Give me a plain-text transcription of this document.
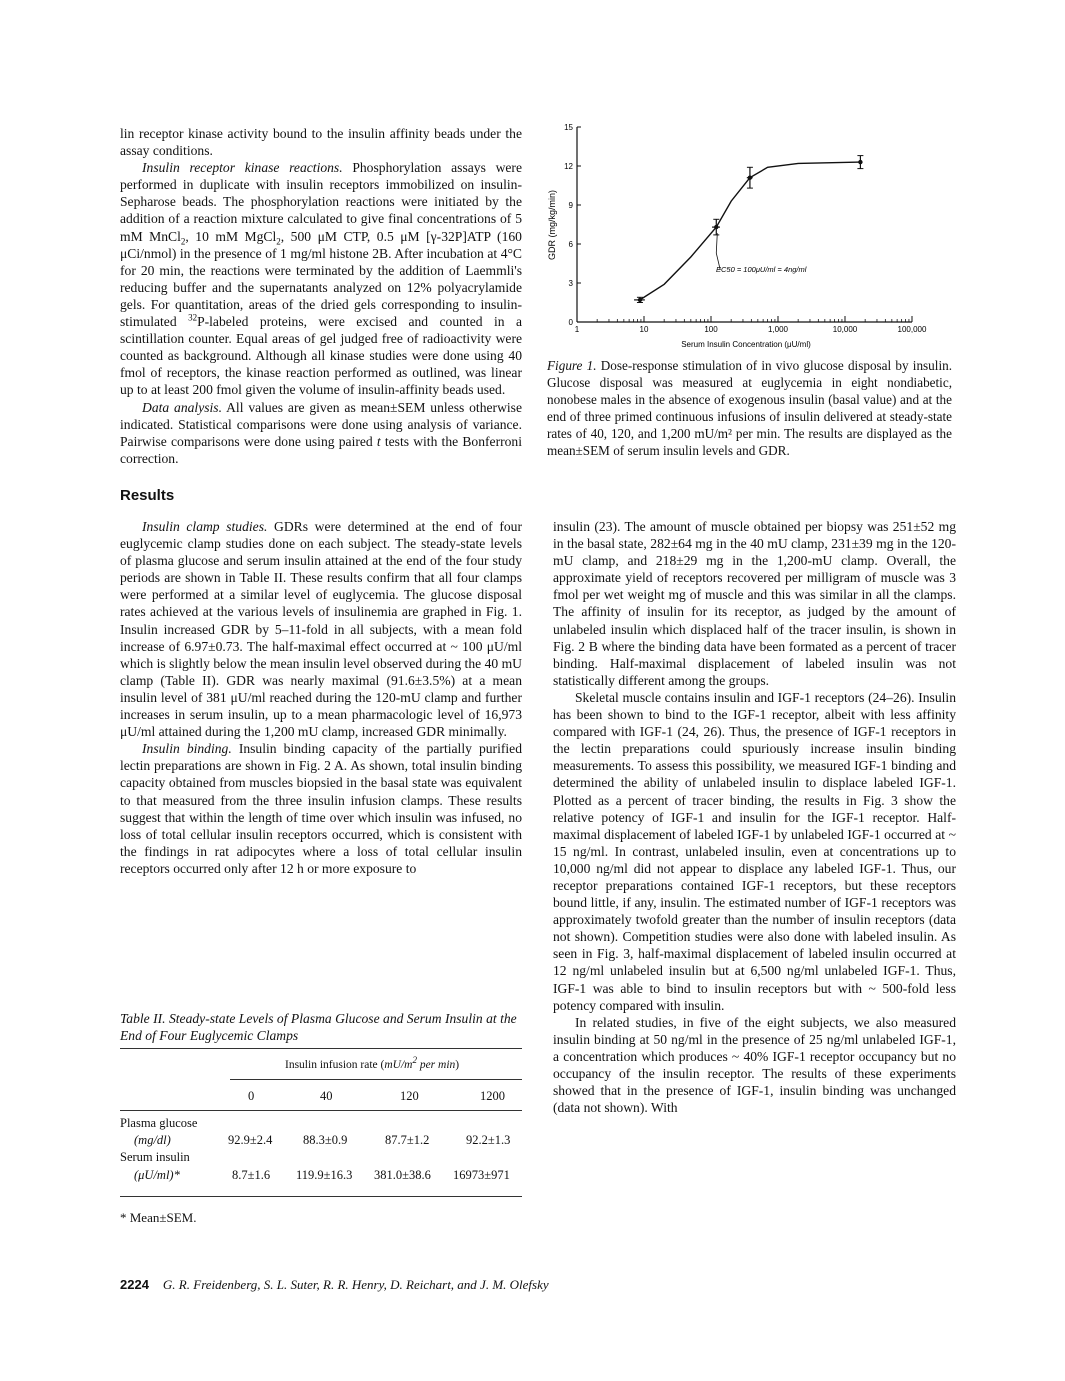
lin receptor kinase activity bound to the insulin affinity beads under the assay conditions.

Insulin receptor kinase reactions. Phosphorylation assays were performed in duplicate with insulin receptors immobilized on insulin-Sepharose beads. The phosphorylation reactions were initiated by the addition of a reaction mixture calculated to give final concentrations of 5 mM MnCl$_2$, 10 mM MgCl$_2$, 500 μM CTP, 0.5 μM [γ-32P]ATP (160 μCi/nmol) in the presence of 1 mg/ml histone 2B. After incubation at 4°C for 20 min, the reactions were terminated by the addition of Laemmli's reducing buffer and the supernatants analyzed on 12% polyacrylamide gels. For quantitation, areas of the dried gels corresponding to insulin-stimulated $^{32}$P-labeled proteins, were excised and counted in a scintillation counter. Equal areas of gel judged free of radioactivity were counted as background. Although all kinase studies were done using 40 fmol of receptors, the kinase reaction performed as outlined, was linear up to at least 200 fmol given the volume of insulin-affinity beads used.

Data analysis. All values are given as mean±SEM unless otherwise indicated. Statistical comparisons were done using analysis of variance. Pairwise comparisons were done using paired t tests with the Bonferroni correction.

Results

Insulin clamp studies. GDRs were determined at the end of four euglycemic clamp studies done on each subject. The steady-state levels of plasma glucose and serum insulin attained at the end of the four study periods are shown in Table II. These results confirm that all four clamps were performed at a similar level of euglycemia. The glucose disposal rates achieved at the various levels of insulinemia are graphed in Fig. 1. Insulin increased GDR by 5–11-fold in all subjects, with a mean fold increase of 6.97±0.73. The half-maximal effect occurred at ~ 100 μU/ml which is slightly below the mean insulin level observed during the 40 mU clamp (Table II). GDR was nearly maximal (91.6±3.5%) at a mean insulin level of 381 μU/ml reached during the 120-mU clamp and further increases in serum insulin, up to a mean pharmacologic level of 16,973 μU/ml attained during the 1,200 mU clamp, increased GDR minimally.

Insulin binding. Insulin binding capacity of the partially purified lectin preparations are shown in Fig. 2 A. As shown, total insulin binding capacity obtained from muscles biopsied in the basal state was equivalent to that measured from the three insulin infusion clamps. These results suggest that within the length of time over which insulin was infused, no loss of total cellular insulin receptors occurred, which is consistent with the findings in rat adipocytes where a loss of total cellular insulin receptors occurred only after 12 h or more exposure to

Table II. Steady-state Levels of Plasma Glucose and Serum Insulin at the End of Four Euglycemic Clamps
Insulin infusion rate ($mU/m^2$ per min)
0	40	120	1200
Plasma glucose
(mg/dl)	92.9±2.4 88.3±0.9	87.7±1.2	92.2±1.3
Serum insulin
(μU/ml)*	8.7±1.6 119.9±16.3 381.0±38.6 16973±971
* Mean±SEM.
0
3
6
9
12
15
1	10	100	1,000	10,000	100,000
GDR (mg/kg/min)
Serum Insulin Concentration (μU/ml)
EC50 = 100μU/ml = 4ng/ml
Figure 1. Dose-response stimulation of in vivo glucose disposal by insulin. Glucose disposal was measured at euglycemia in eight nondiabetic, nonobese males in the absence of exogenous insulin (basal value) and at the end of three primed continuous infusions of insulin delivered at steady-state rates of 40, 120, and 1,200 mU/m² per min. The results are displayed as the mean±SEM of serum insulin levels and GDR.

insulin (23). The amount of muscle obtained per biopsy was 251±52 mg in the basal state, 282±64 mg in the 40 mU clamp, 231±39 mg in the 120-mU clamp, and 218±29 mg in the 1,200-mU clamp. Overall, the approximate yield of receptors recovered per milligram of muscle was 3 fmol per wet weight mg of muscle and this was similar in all the clamps. The affinity of insulin for its receptor, as judged by the amount of unlabeled insulin which displaced half of the tracer insulin, is shown in Fig. 2 B where the binding data have been formated as a percent of tracer binding. Half-maximal displacement of labeled insulin was not statistically different among the groups.

Skeletal muscle contains insulin and IGF-1 receptors (24–26). Insulin has been shown to bind to the IGF-1 receptor, albeit with less affinity compared with IGF-1 (24, 26). Thus, the presence of IGF-1 receptors in the lectin preparations could spuriously increase insulin binding measurements. To assess this possibility, we measured IGF-1 binding and determined the ability of unlabeled insulin to displace labeled IGF-1. Plotted as a percent of tracer binding, the results in Fig. 3 show the relative potency of IGF-1 and insulin for the IGF-1 receptor. Half-maximal displacement of labeled IGF-1 by unlabeled IGF-1 occurred at ~ 15 ng/ml. In contrast, unlabeled insulin, even at concentrations up to 10,000 ng/ml did not appear to displace any labeled IGF-1. Thus, our receptor preparations contained IGF-1 receptors, but these receptors bound little, if any, insulin. The estimated number of IGF-1 receptors was approximately twofold greater than the number of insulin receptors (data not shown). Competition studies were also done with labeled insulin. As seen in Fig. 3, half-maximal displacement of labeled insulin occurred at 12 ng/ml unlabeled insulin but at 6,500 ng/ml unlabeled IGF-1. Thus, IGF-1 was able to bind to insulin receptors but with ~ 500-fold less potency compared with insulin.

In related studies, in five of the eight subjects, we also measured insulin binding at 50 ng/ml in the presence of 25 ng/ml unlabeled IGF-1, a concentration which produces ~ 40% IGF-1 receptor occupancy but no occupancy of the insulin receptor. The results of these experiments showed that in the presence of IGF-1, insulin binding was unchanged (data not shown). With

2224 G. R. Freidenberg, S. L. Suter, R. R. Henry, D. Reichart, and J. M. Olefsky
